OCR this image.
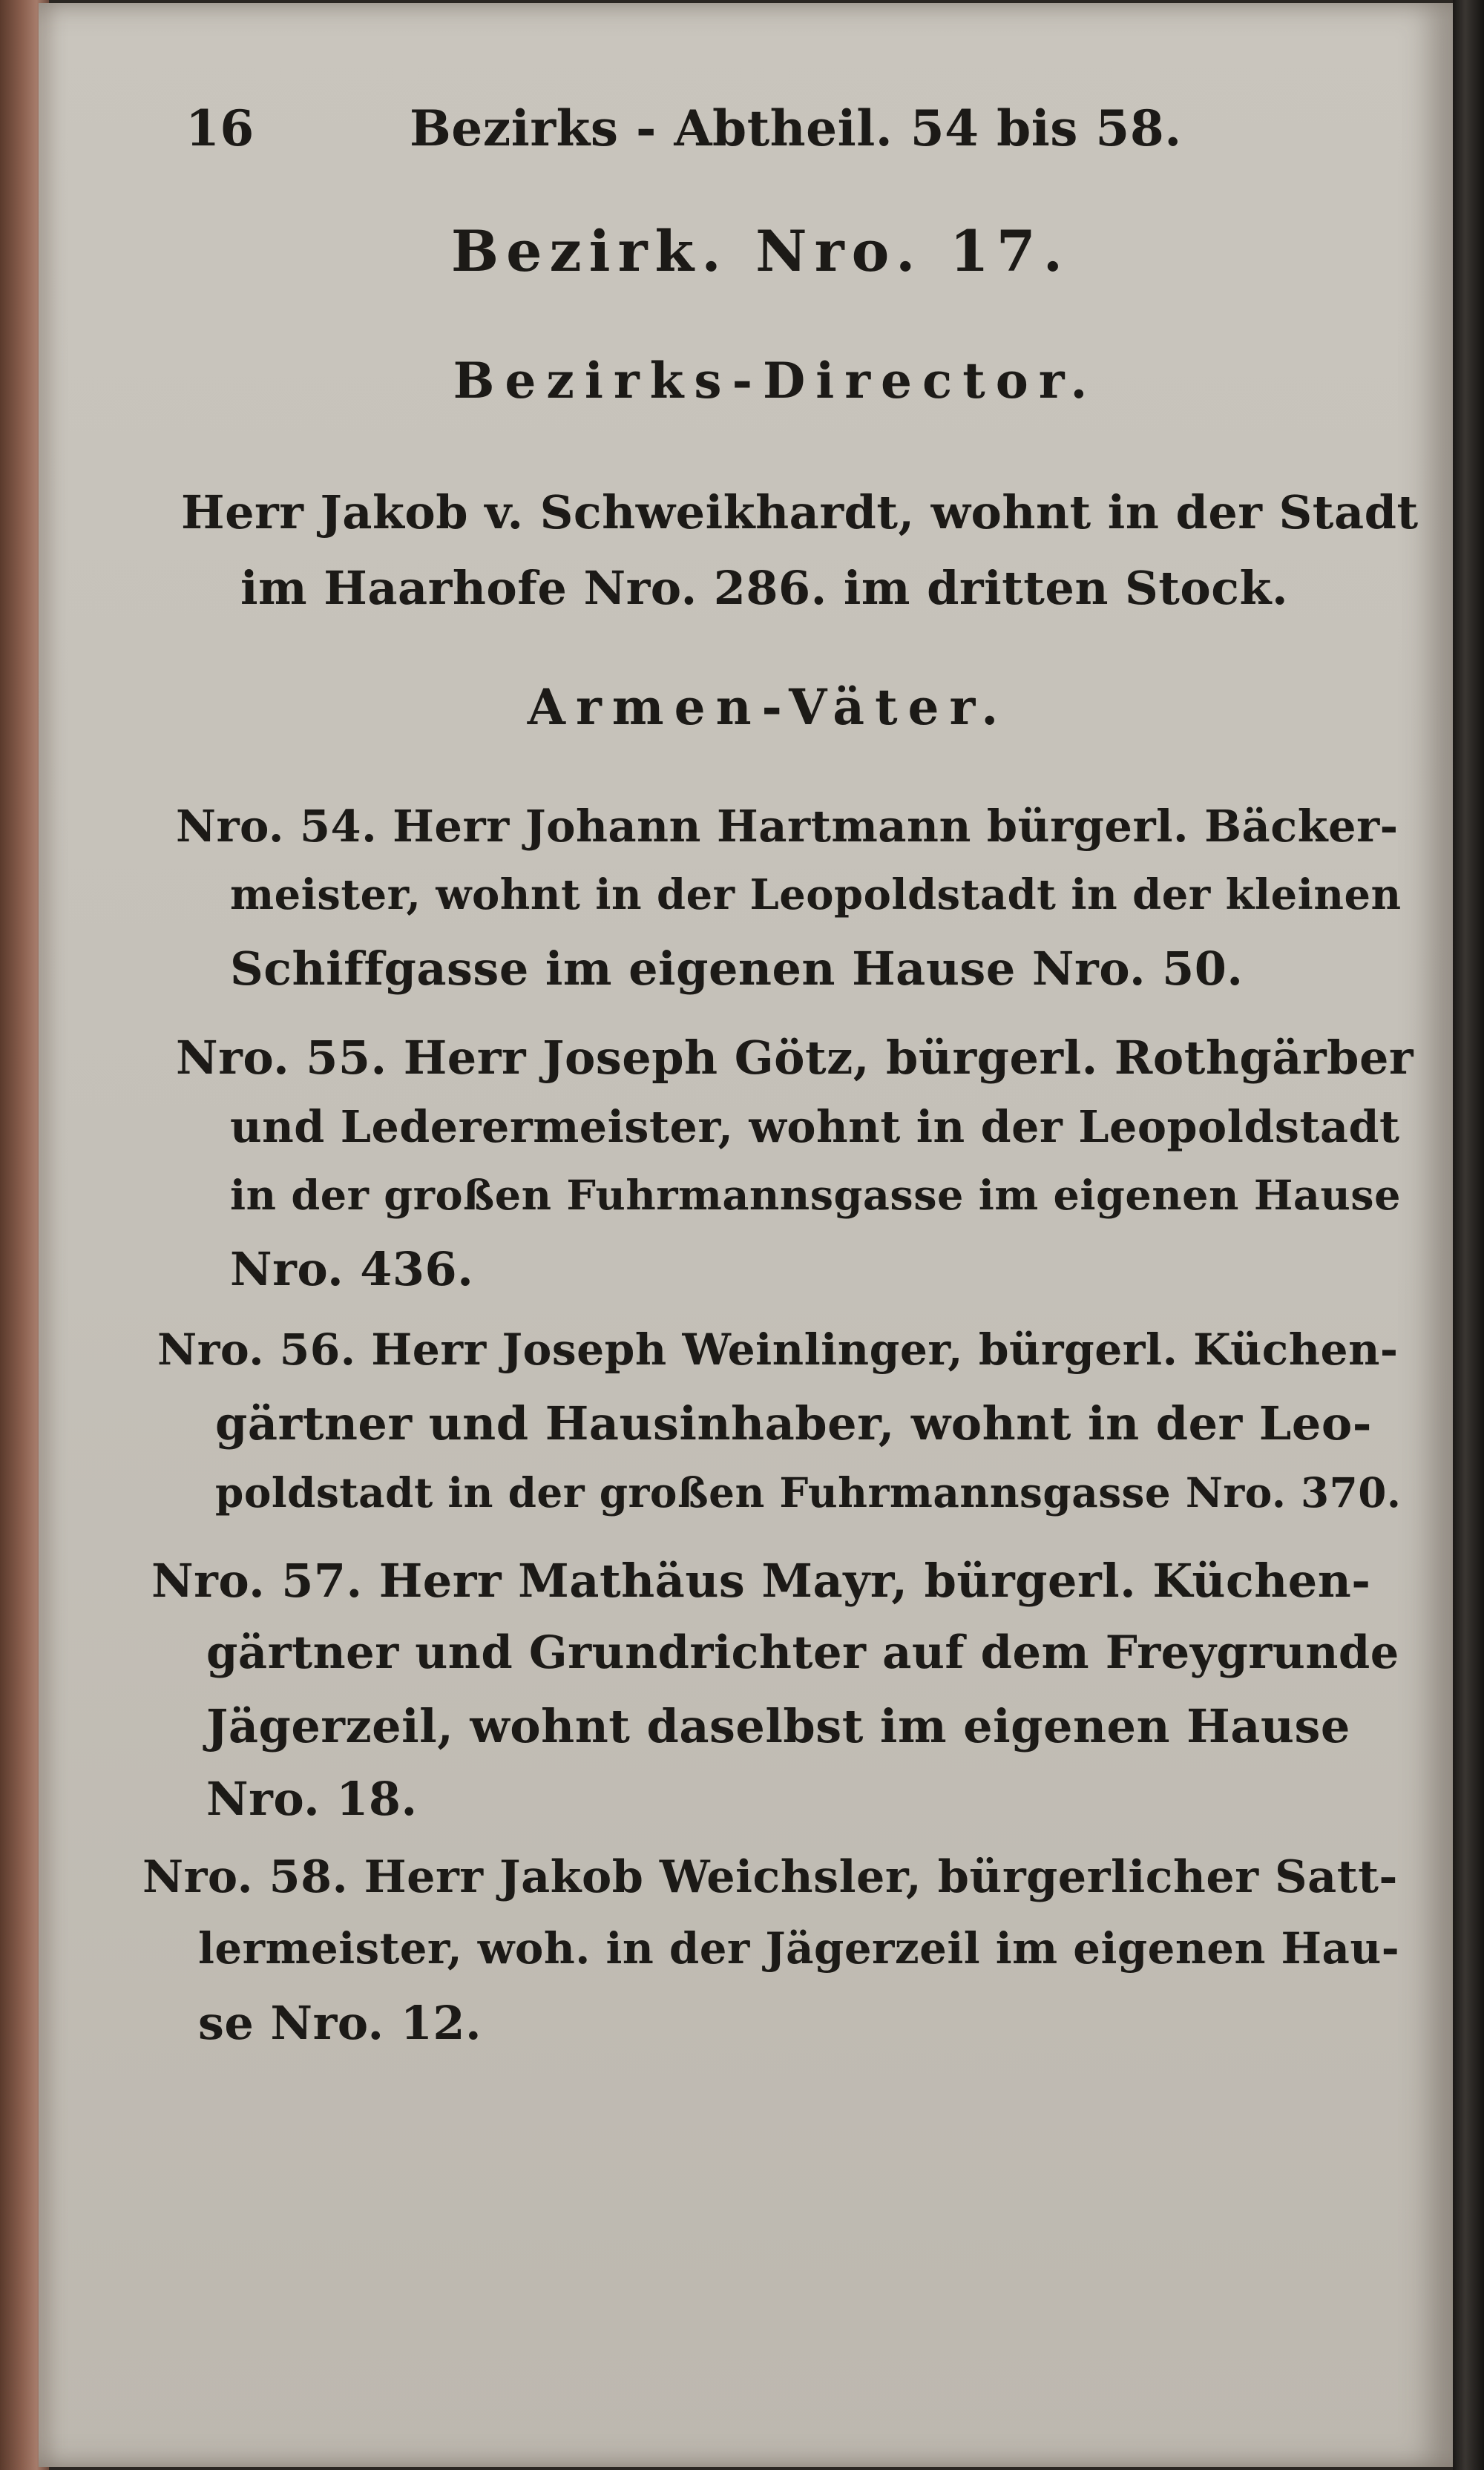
16	Bezirks - Abtheil. 54 bis 58.
Bezirk. Nro. 17.
Bezirks-Director.
Herr Jakob v. Schweikhardt, wohnt in der Stadt
im Haarhofe Nro. 286. im dritten Stock.
Armen-Väter.
Nro. 54. Herr Johann Hartmann bürgerl. Bäcker-
meister, wohnt in der Leopoldstadt in der kleinen
Schiffgasse im eigenen Hause Nro. 50.
Nro. 55. Herr Joseph Götz, bürgerl. Rothgärber
und Lederermeister, wohnt in der Leopoldstadt
in der großen Fuhrmannsgasse im eigenen Hause
Nro. 436.
Nro. 56. Herr Joseph Weinlinger, bürgerl. Küchen-
gärtner und Hausinhaber, wohnt in der Leo-
poldstadt in der großen Fuhrmannsgasse Nro. 370.
Nro. 57. Herr Mathäus Mayr, bürgerl. Küchen-
gärtner und Grundrichter auf dem Freygrunde
Jägerzeil, wohnt daselbst im eigenen Hause
Nro. 18.
Nro. 58. Herr Jakob Weichsler, bürgerlicher Satt-
lermeister, woh. in der Jägerzeil im eigenen Hau-
se Nro. 12.
